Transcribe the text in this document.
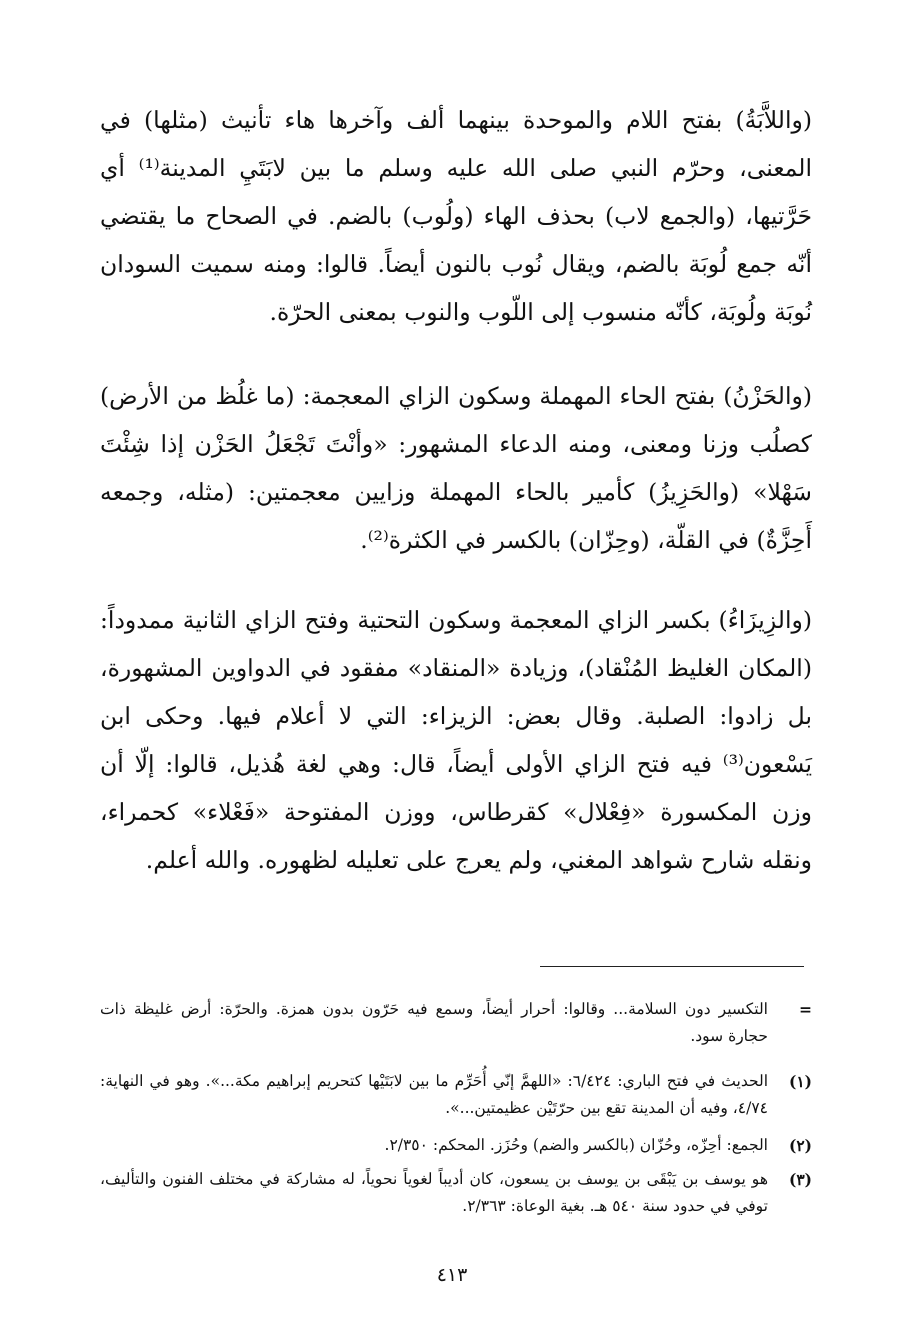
(واللاَّبَةُ) بفتح اللام والموحدة بينهما ألف وآخرها هاء تأنيث (مثلها) في المعنى، وحرّم النبي صلى الله عليه وسلم ما بين لابَتَيِ المدينة⁽¹⁾ أي حَرَّتيها، (والجمع لاب) بحذف الهاء (ولُوب) بالضم. في الصحاح ما يقتضي أنّه جمع لُوبَة بالضم، ويقال نُوب بالنون أيضاً. قالوا: ومنه سميت السودان نُوبَة ولُوبَة، كأنّه منسوب إلى اللّوب والنوب بمعنى الحرّة.

(والحَزْنُ) بفتح الحاء المهملة وسكون الزاي المعجمة: (ما غلُظ من الأرض) كصلُب وزنا ومعنى، ومنه الدعاء المشهور: «وأنْتَ تَجْعَلُ الحَزْن إذا شِئْتَ سَهْلا» (والحَزِيزُ) كأمير بالحاء المهملة وزايين معجمتين: (مثله، وجمعه أَحِزَّةٌ) في القلّة، (وحِزّان) بالكسر في الكثرة⁽²⁾.

(والزِيزَاءُ) بكسر الزاي المعجمة وسكون التحتية وفتح الزاي الثانية ممدوداً: (المكان الغليظ المُنْقاد)، وزيادة «المنقاد» مفقود في الدواوين المشهورة، بل زادوا: الصلبة. وقال بعض: الزيزاء: التي لا أعلام فيها. وحكى ابن يَسْعون⁽³⁾ فيه فتح الزاي الأولى أيضاً، قال: وهي لغة هُذيل، قالوا: إلّا أن وزن المكسورة «فِعْلال» كقرطاس، ووزن المفتوحة «فَعْلاء» كحمراء، ونقله شارح شواهد المغني، ولم يعرج على تعليله لظهوره. والله أعلم.

=
التكسير دون السلامة... وقالوا: أحرار أيضاً، وسمع فيه حَرّون بدون همزة. والحرّة: أرض غليظة ذات حجارة سود.
(١)
الحديث في فتح الباري: ٦/٤٢٤: «اللهمَّ إنّي أُحَرِّم ما بين لابَتَيْها كتحريم إبراهيم مكة...». وهو في النهاية: ٤/٧٤، وفيه أن المدينة تقع بين حرّتَيْن عظيمتين...».
(٢)
الجمع: أحِزّه، وحُزّان (بالكسر والضم) وحُزَز. المحكم: ٢/٣٥٠.
(٣)
هو يوسف بن يَبْقَى بن يوسف بن يسعون، كان أديباً لغوياً نحوياً، له مشاركة في مختلف الفنون والتأليف، توفي في حدود سنة ٥٤٠ هـ. بغية الوعاة: ٢/٣٦٣.
٤١٣
